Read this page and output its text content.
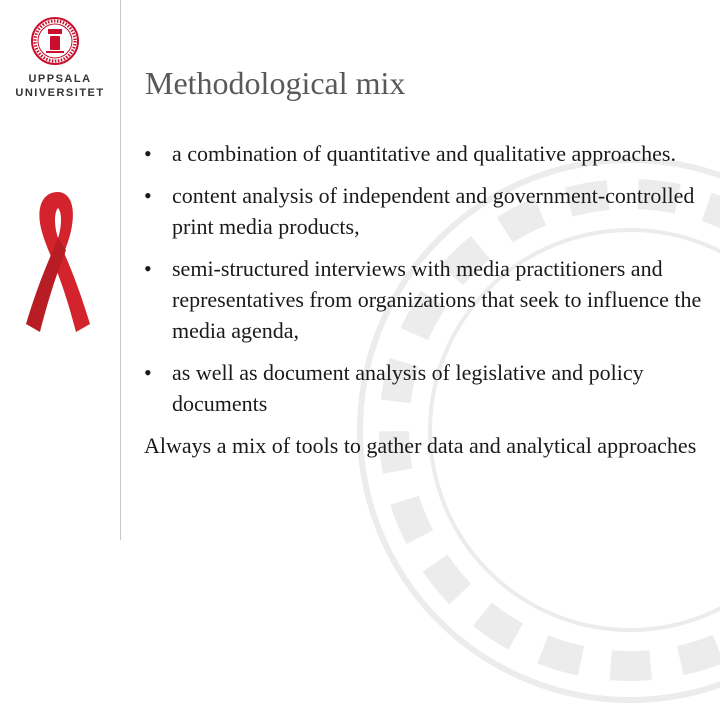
UPPSALA
UNIVERSITET Methodological mix
• a combination of quantitative and qualitative approaches.
• content analysis of independent and government-controlled print media products,
• semi-structured interviews with media practitioners and representatives from organizations that seek to influence the media agenda,
• as well as document analysis of legislative and policy documents

Always a mix of tools to gather data and analytical approaches
